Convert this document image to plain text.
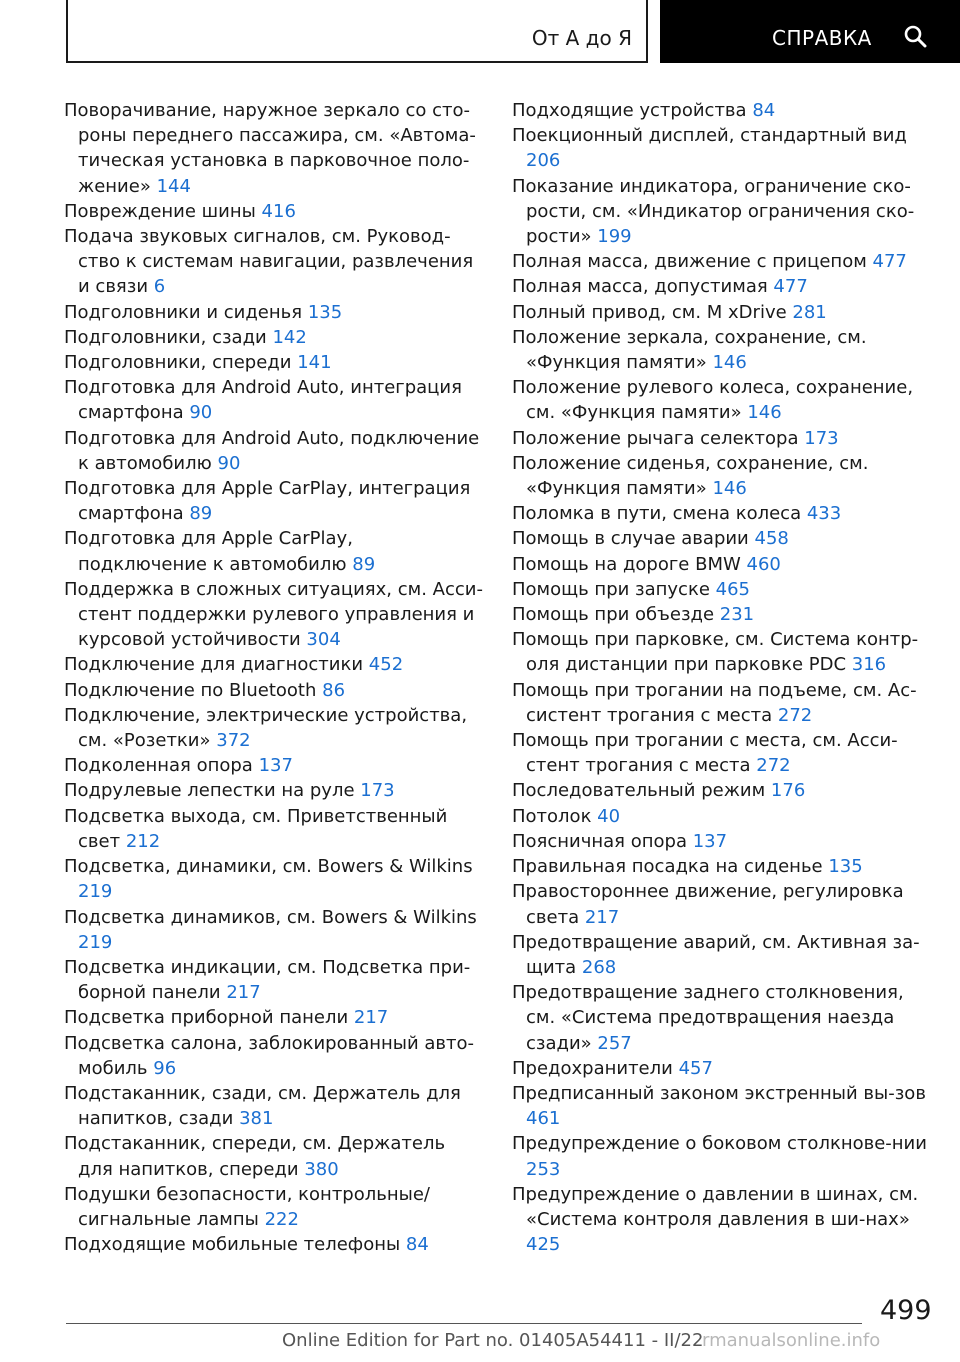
От А до Я	СПРАВКА
Поворачивание, наружное зеркало со сто-роны переднего пассажира, см. «Автома-тическая установка в парковочное поло-жение» 144
Повреждение шины 416
Подача звуковых сигналов, см. Руковод-ство к системам навигации, развлечения и связи 6
Подголовники и сиденья 135
Подголовники, сзади 142
Подголовники, спереди 141
Подготовка для Android Auto, интеграция смартфона 90
Подготовка для Android Auto, подключение к автомобилю 90
Подготовка для Apple CarPlay, интеграция смартфона 89
Подготовка для Apple CarPlay, подключение к автомобилю 89
Поддержка в сложных ситуациях, см. Асси-стент поддержки рулевого управления и курсовой устойчивости 304
Подключение для диагностики 452
Подключение по Bluetooth 86
Подключение, электрические устройства, см. «Розетки» 372
Подколенная опора 137
Подрулевые лепестки на руле 173
Подсветка выхода, см. Приветственный свет 212
Подсветка, динамики, см. Bowers & Wilkins 219
Подсветка динамиков, см. Bowers & Wilkins 219
Подсветка индикации, см. Подсветка при-борной панели 217
Подсветка приборной панели 217
Подсветка салона, заблокированный авто-мобиль 96
Подстаканник, сзади, см. Держатель для напитков, сзади 381
Подстаканник, спереди, см. Держатель для напитков, спереди 380
Подушки безопасности, контрольные/ сигнальные лампы 222
Подходящие мобильные телефоны 84
Подходящие устройства 84
Поекционный дисплей, стандартный вид 206
Показание индикатора, ограничение ско-рости, см. «Индикатор ограничения ско-рости» 199
Полная масса, движение с прицепом 477
Полная масса, допустимая 477
Полный привод, см. M xDrive 281
Положение зеркала, сохранение, см. «Функция памяти» 146
Положение рулевого колеса, сохранение, см. «Функция памяти» 146
Положение рычага селектора 173
Положение сиденья, сохранение, см. «Функция памяти» 146
Поломка в пути, смена колеса 433
Помощь в случае аварии 458
Помощь на дороге BMW 460
Помощь при запуске 465
Помощь при объезде 231
Помощь при парковке, см. Система контр-оля дистанции при парковке PDC 316
Помощь при трогании на подъеме, см. Ас-систент трогания с места 272
Помощь при трогании с места, см. Асси-стент трогания с места 272
Последовательный режим 176
Потолок 40
Поясничная опора 137
Правильная посадка на сиденье 135
Правостороннее движение, регулировка света 217
Предотвращение аварий, см. Активная за-щита 268
Предотвращение заднего столкновения, см. «Система предотвращения наезда сзади» 257
Предохранители 457
Предписанный законом экстренный вы-зов 461
Предупреждение о боковом столкнове-нии 253
Предупреждение о давлении в шинах, см. «Система контроля давления в ши-нах» 425
499
Online Edition for Part no. 01405A54411 - II/22
rmanualsonline.info
